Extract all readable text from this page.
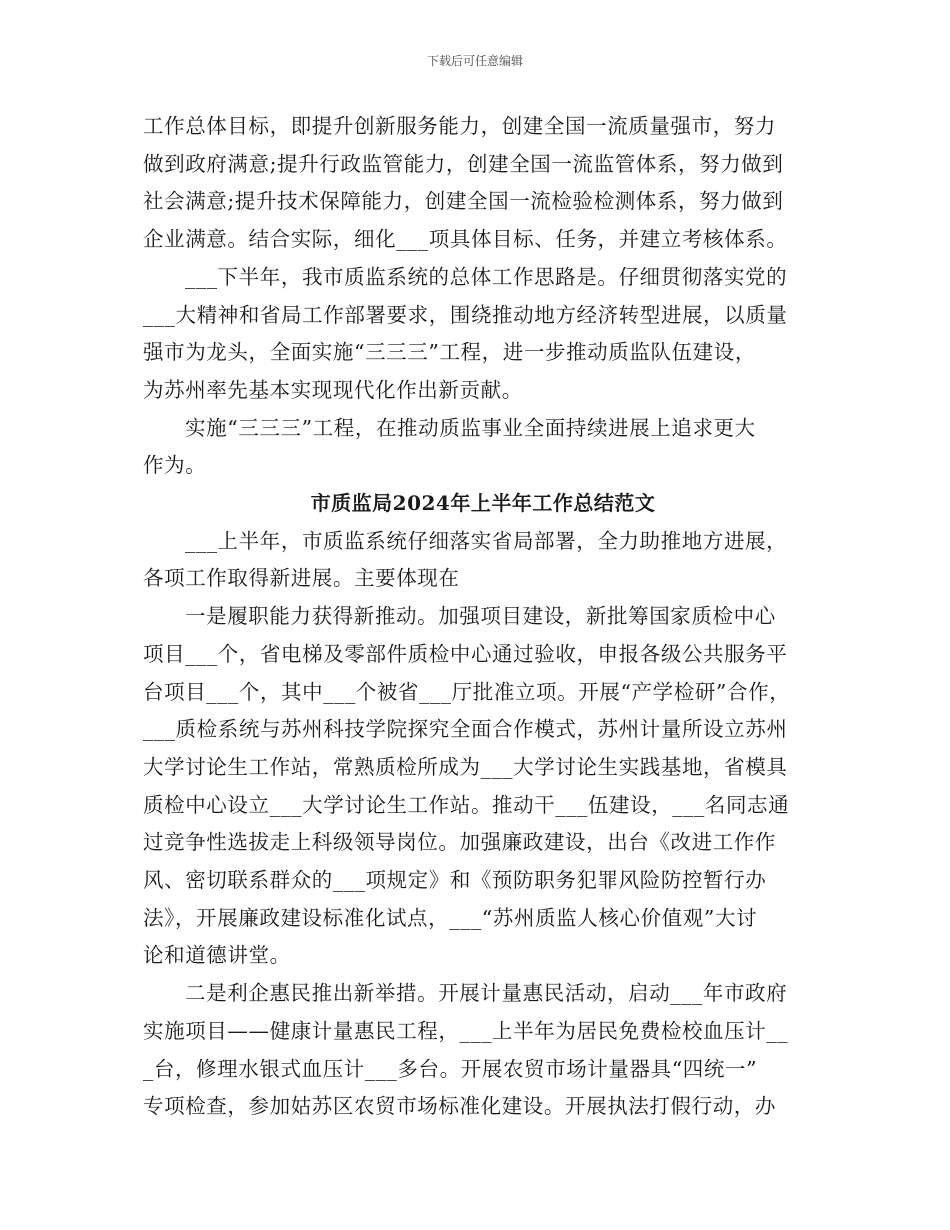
下载后可任意编辑

工作总体目标，即提升创新服务能力，创建全国一流质量强市，努力
做到政府满意;提升行政监管能力，创建全国一流监管体系，努力做到
社会满意;提升技术保障能力，创建全国一流检验检测体系，努力做到
企业满意。结合实际，细化___项具体目标、任务，并建立考核体系。

___下半年，我市质监系统的总体工作思路是。仔细贯彻落实党的
___大精神和省局工作部署要求，围绕推动地方经济转型进展，以质量
强市为龙头，全面实施“三三三”工程，进一步推动质监队伍建设，
为苏州率先基本实现现代化作出新贡献。

实施“三三三”工程，在推动质监事业全面持续进展上追求更大
作为。

市质监局2024年上半年工作总结范文

___上半年，市质监系统仔细落实省局部署，全力助推地方进展，
各项工作取得新进展。主要体现在

一是履职能力获得新推动。加强项目建设，新批筹国家质检中心
项目___个，省电梯及零部件质检中心通过验收，申报各级公共服务平
台项目___个，其中___个被省___厅批准立项。开展“产学检研”合作，
___质检系统与苏州科技学院探究全面合作模式，苏州计量所设立苏州
大学讨论生工作站，常熟质检所成为___大学讨论生实践基地，省模具
质检中心设立___大学讨论生工作站。推动干___伍建设，___名同志通
过竞争性选拔走上科级领导岗位。加强廉政建设，出台《改进工作作
风、密切联系群众的___项规定》和《预防职务犯罪风险防控暂行办
法》，开展廉政建设标准化试点，___“苏州质监人核心价值观”大讨
论和道德讲堂。

二是利企惠民推出新举措。开展计量惠民活动，启动___年市政府
实施项目——健康计量惠民工程，___上半年为居民免费检校血压计__
_台，修理水银式血压计___多台。开展农贸市场计量器具“四统一”
专项检查，参加姑苏区农贸市场标准化建设。开展执法打假行动，办
